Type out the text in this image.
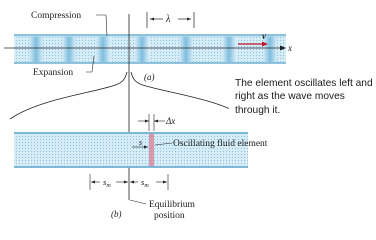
x
v
λ
Compression
Expansion	(a)
Δx
s	Oscillating fluid element
$s_m$	$s_m$
(b)
Equilibrium
position
The element oscillates left and right as the wave moves through it.
